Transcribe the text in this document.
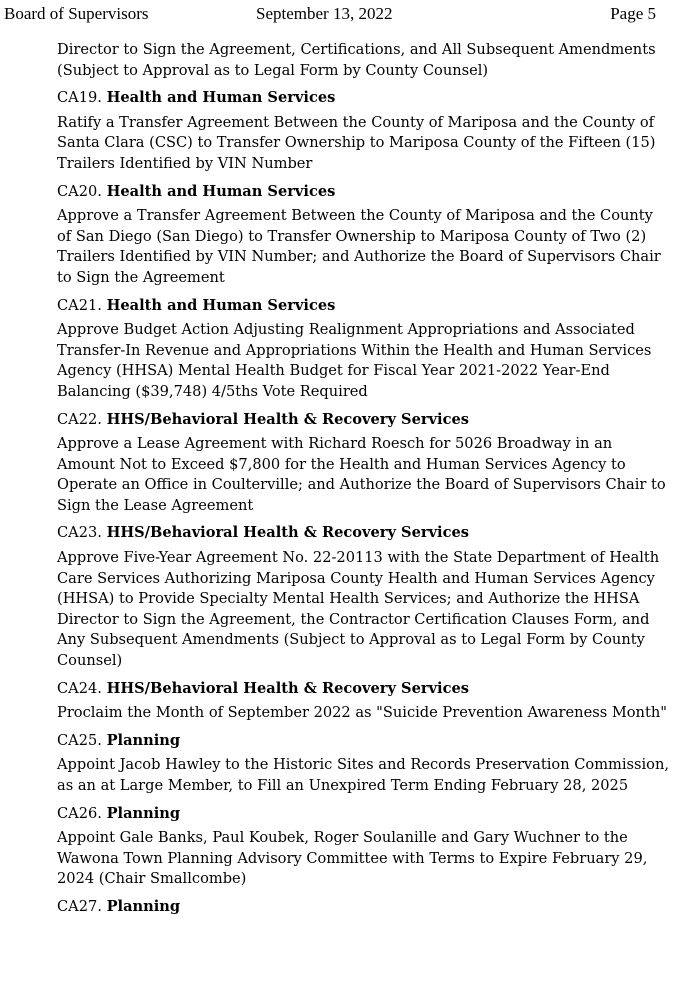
Board of Supervisors	September 13, 2022	Page 5

Director to Sign the Agreement, Certifications, and All Subsequent Amendments (Subject to Approval as to Legal Form by County Counsel)

CA19. Health and Human Services

Ratify a Transfer Agreement Between the County of Mariposa and the County of Santa Clara (CSC) to Transfer Ownership to Mariposa County of the Fifteen (15) Trailers Identified by VIN Number

CA20. Health and Human Services

Approve a Transfer Agreement Between the County of Mariposa and the County of San Diego (San Diego) to Transfer Ownership to Mariposa County of Two (2) Trailers Identified by VIN Number; and Authorize the Board of Supervisors Chair to Sign the Agreement

CA21. Health and Human Services

Approve Budget Action Adjusting Realignment Appropriations and Associated Transfer-In Revenue and Appropriations Within the Health and Human Services Agency (HHSA) Mental Health Budget for Fiscal Year 2021-2022 Year-End Balancing ($39,748) 4/5ths Vote Required

CA22. HHS/Behavioral Health & Recovery Services

Approve a Lease Agreement with Richard Roesch for 5026 Broadway in an Amount Not to Exceed $7,800 for the Health and Human Services Agency to Operate an Office in Coulterville; and Authorize the Board of Supervisors Chair to Sign the Lease Agreement

CA23. HHS/Behavioral Health & Recovery Services

Approve Five-Year Agreement No. 22-20113 with the State Department of Health Care Services Authorizing Mariposa County Health and Human Services Agency (HHSA) to Provide Specialty Mental Health Services; and Authorize the HHSA Director to Sign the Agreement, the Contractor Certification Clauses Form, and Any Subsequent Amendments (Subject to Approval as to Legal Form by County Counsel)

CA24. HHS/Behavioral Health & Recovery Services

Proclaim the Month of September 2022 as "Suicide Prevention Awareness Month"

CA25. Planning

Appoint Jacob Hawley to the Historic Sites and Records Preservation Commission, as an at Large Member, to Fill an Unexpired Term Ending February 28, 2025

CA26. Planning

Appoint Gale Banks, Paul Koubek, Roger Soulanille and Gary Wuchner to the Wawona Town Planning Advisory Committee with Terms to Expire February 29, 2024 (Chair Smallcombe)

CA27. Planning
